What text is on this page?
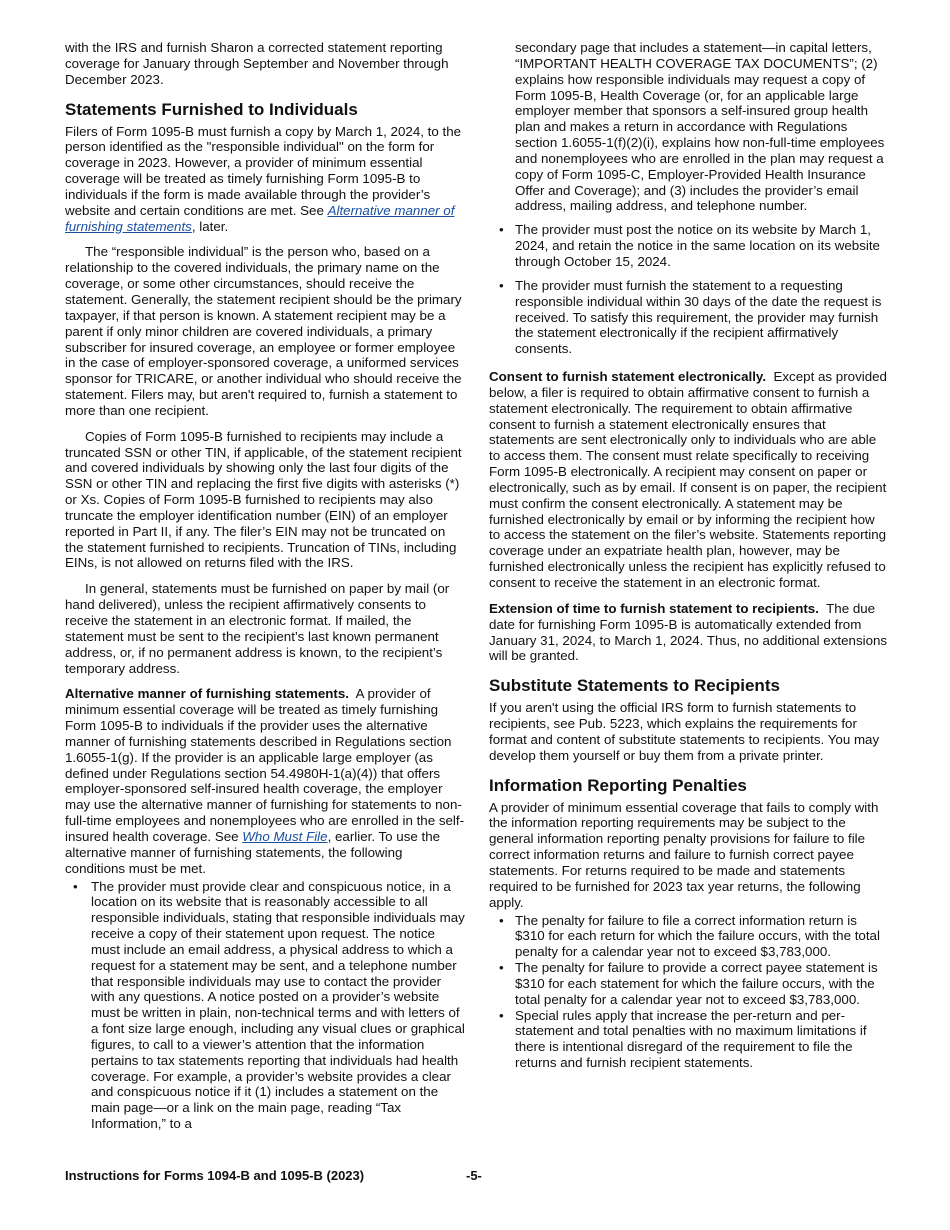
with the IRS and furnish Sharon a corrected statement reporting coverage for January through September and November through December 2023.

Statements Furnished to Individuals

Filers of Form 1095-B must furnish a copy by March 1, 2024, to the person identified as the "responsible individual" on the form for coverage in 2023. However, a provider of minimum essential coverage will be treated as timely furnishing Form 1095-B to individuals if the form is made available through the provider’s website and certain conditions are met. See Alternative manner of furnishing statements, later.

The “responsible individual” is the person who, based on a relationship to the covered individuals, the primary name on the coverage, or some other circumstances, should receive the statement. Generally, the statement recipient should be the primary taxpayer, if that person is known. A statement recipient may be a parent if only minor children are covered individuals, a primary subscriber for insured coverage, an employee or former employee in the case of employer-sponsored coverage, a uniformed services sponsor for TRICARE, or another individual who should receive the statement. Filers may, but aren't required to, furnish a statement to more than one recipient.

Copies of Form 1095-B furnished to recipients may include a truncated SSN or other TIN, if applicable, of the statement recipient and covered individuals by showing only the last four digits of the SSN or other TIN and replacing the first five digits with asterisks (*) or Xs. Copies of Form 1095-B furnished to recipients may also truncate the employer identification number (EIN) of an employer reported in Part II, if any. The filer’s EIN may not be truncated on the statement furnished to recipients. Truncation of TINs, including EINs, is not allowed on returns filed with the IRS.

In general, statements must be furnished on paper by mail (or hand delivered), unless the recipient affirmatively consents to receive the statement in an electronic format. If mailed, the statement must be sent to the recipient’s last known permanent address, or, if no permanent address is known, to the recipient’s temporary address.

Alternative manner of furnishing statements. A provider of minimum essential coverage will be treated as timely furnishing Form 1095-B to individuals if the provider uses the alternative manner of furnishing statements described in Regulations section 1.6055-1(g). If the provider is an applicable large employer (as defined under Regulations section 54.4980H-1(a)(4)) that offers employer-sponsored self-insured health coverage, the employer may use the alternative manner of furnishing for statements to non-full-time employees and nonemployees who are enrolled in the self-insured health coverage. See Who Must File, earlier. To use the alternative manner of furnishing statements, the following conditions must be met.

• The provider must provide clear and conspicuous notice, in a location on its website that is reasonably accessible to all responsible individuals, stating that responsible individuals may receive a copy of their statement upon request. The notice must include an email address, a physical address to which a request for a statement may be sent, and a telephone number that responsible individuals may use to contact the provider with any questions. A notice posted on a provider’s website must be written in plain, non-technical terms and with letters of a font size large enough, including any visual clues or graphical figures, to call to a viewer’s attention that the information pertains to tax statements reporting that individuals had health coverage. For example, a provider’s website provides a clear and conspicuous notice if it (1) includes a statement on the main page—or a link on the main page, reading “Tax Information,” to a
secondary page that includes a statement—in capital letters, “IMPORTANT HEALTH COVERAGE TAX DOCUMENTS”; (2) explains how responsible individuals may request a copy of Form 1095-B, Health Coverage (or, for an applicable large employer member that sponsors a self-insured group health plan and makes a return in accordance with Regulations section 1.6055-1(f)(2)(i), explains how non-full-time employees and nonemployees who are enrolled in the plan may request a copy of Form 1095-C, Employer-Provided Health Insurance Offer and Coverage); and (3) includes the provider’s email address, mailing address, and telephone number.
• The provider must post the notice on its website by March 1, 2024, and retain the notice in the same location on its website through October 15, 2024.
• The provider must furnish the statement to a requesting responsible individual within 30 days of the date the request is received. To satisfy this requirement, the provider may furnish the statement electronically if the recipient affirmatively consents.

Consent to furnish statement electronically. Except as provided below, a filer is required to obtain affirmative consent to furnish a statement electronically. The requirement to obtain affirmative consent to furnish a statement electronically ensures that statements are sent electronically only to individuals who are able to access them. The consent must relate specifically to receiving Form 1095-B electronically. A recipient may consent on paper or electronically, such as by email. If consent is on paper, the recipient must confirm the consent electronically. A statement may be furnished electronically by email or by informing the recipient how to access the statement on the filer’s website. Statements reporting coverage under an expatriate health plan, however, may be furnished electronically unless the recipient has explicitly refused to consent to receive the statement in an electronic format.

Extension of time to furnish statement to recipients. The due date for furnishing Form 1095-B is automatically extended from January 31, 2024, to March 1, 2024. Thus, no additional extensions will be granted.

Substitute Statements to Recipients

If you aren't using the official IRS form to furnish statements to recipients, see Pub. 5223, which explains the requirements for format and content of substitute statements to recipients. You may develop them yourself or buy them from a private printer.

Information Reporting Penalties

A provider of minimum essential coverage that fails to comply with the information reporting requirements may be subject to the general information reporting penalty provisions for failure to file correct information returns and failure to furnish correct payee statements. For returns required to be made and statements required to be furnished for 2023 tax year returns, the following apply.

• The penalty for failure to file a correct information return is $310 for each return for which the failure occurs, with the total penalty for a calendar year not to exceed $3,783,000.
• The penalty for failure to provide a correct payee statement is $310 for each statement for which the failure occurs, with the total penalty for a calendar year not to exceed $3,783,000.
• Special rules apply that increase the per-return and per-statement and total penalties with no maximum limitations if there is intentional disregard of the requirement to file the returns and furnish recipient statements.
Instructions for Forms 1094-B and 1095-B (2023)	-5-
